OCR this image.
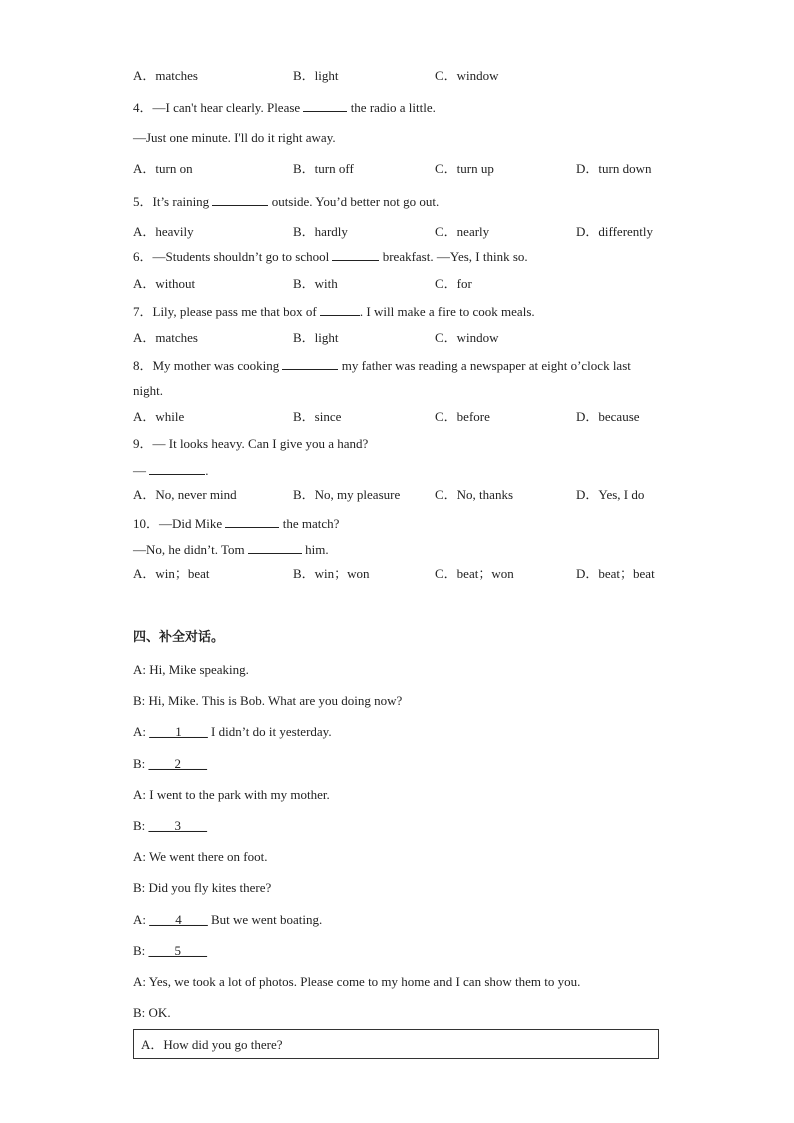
A．matches	B．light	C．window
4．—I can't hear clearly. Please	the radio a little.
—Just one minute. I'll do it right away.
A．turn on	B．turn off	C．turn up	D．turn down
5．It’s raining	outside. You’d better not go out.
A．heavily	B．hardly	C．nearly	D．differently
6．—Students shouldn’t go to school	breakfast. —Yes, I think so.
A．without	B．with	C．for
7．Lily, please pass me that box of	. I will make a fire to cook meals.
A．matches	B．light	C．window
8．My mother was cooking	my father was reading a newspaper at eight o’clock last
night.
A．while	B．since	C．before	D．because
9．— It looks heavy. Can I give you a hand?
—	.
A．No, never mind	B．No, my pleasure	C．No, thanks	D．Yes, I do
10．—Did Mike	the match?
—No, he didn’t. Tom	him.
A．win；beat	B．win；won	C．beat；won	D．beat；beat
四、补全对话。
A: Hi, Mike speaking.
B: Hi, Mike. This is Bob. What are you doing now?
A: ____1____ I didn’t do it yesterday.
B: ____2____
A: I went to the park with my mother.
B: ____3____
A: We went there on foot.
B: Did you fly kites there?
A: ____4____ But we went boating.
B: ____5____
A: Yes, we took a lot of photos. Please come to my home and I can show them to you.
B: OK.
A．How did you go there?
